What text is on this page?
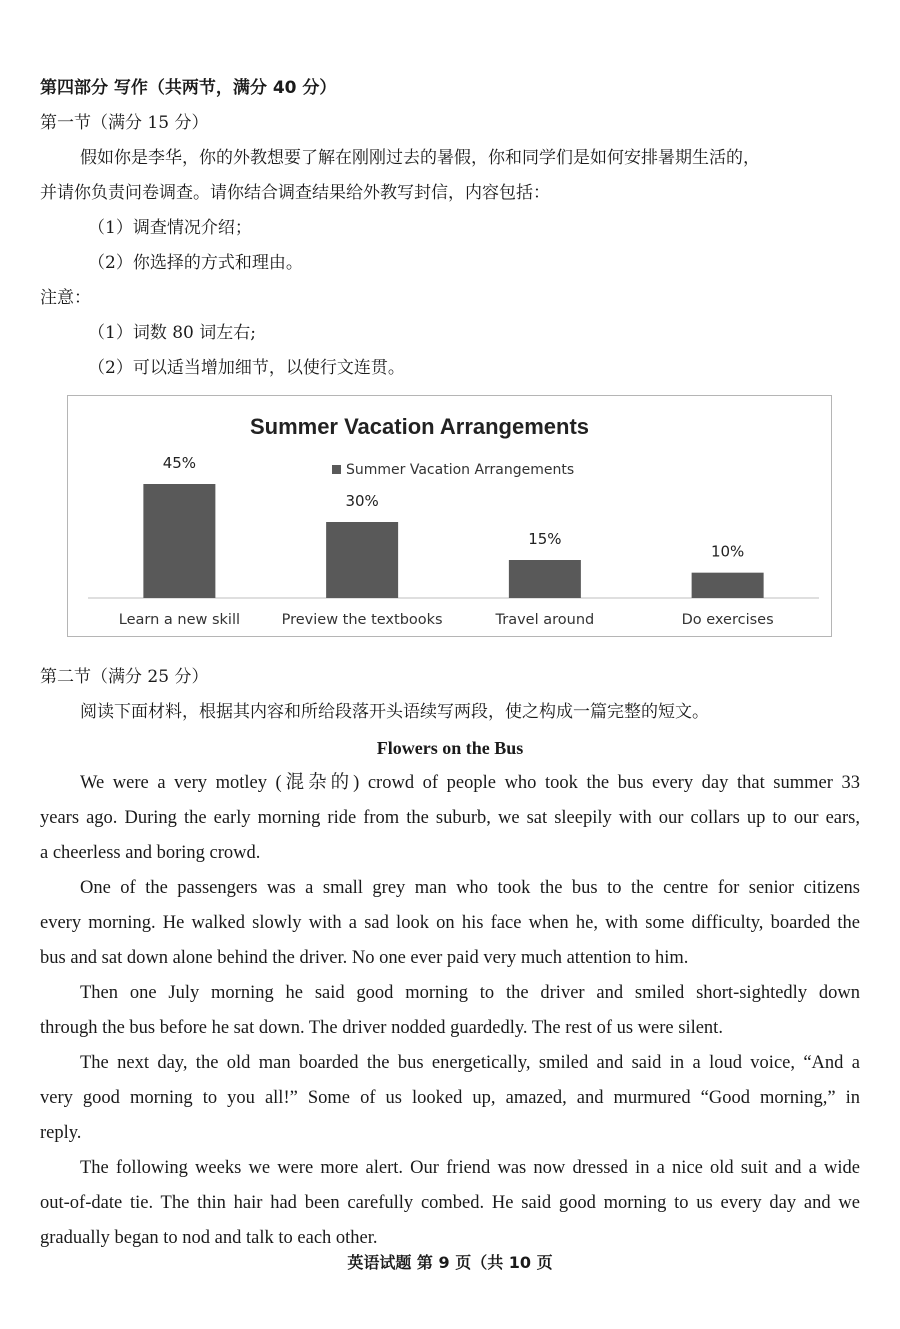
第四部分 写作（共两节，满分 40 分）
第一节（满分 15 分）
假如你是李华，你的外教想要了解在刚刚过去的暑假，你和同学们是如何安排暑期生活的，
并请你负责问卷调查。请你结合调查结果给外教写封信，内容包括：
（1）调查情况介绍；
（2）你选择的方式和理由。
注意：
（1）词数 80 词左右;
（2）可以适当增加细节，以使行文连贯。
Summer Vacation Arrangements
Summer Vacation Arrangements
45%
Learn a new skill
30%
Preview the textbooks
15%
Travel around
10%
Do exercises
第二节（满分 25 分）
阅读下面材料，根据其内容和所给段落开头语续写两段，使之构成一篇完整的短文。
Flowers on the Bus
We were a very motley (混杂的) crowd of people who took the bus every day that summer 33
years ago. During the early morning ride from the suburb, we sat sleepily with our collars up to our ears,
a cheerless and boring crowd.
One of the passengers was a small grey man who took the bus to the centre for senior citizens
every morning. He walked slowly with a sad look on his face when he, with some difficulty, boarded the
bus and sat down alone behind the driver. No one ever paid very much attention to him.
Then one July morning he said good morning to the driver and smiled short-sightedly down
through the bus before he sat down. The driver nodded guardedly. The rest of us were silent.
The next day, the old man boarded the bus energetically, smiled and said in a loud voice, “And a
very good morning to you all!” Some of us looked up, amazed, and murmured “Good morning,” in
reply.
The following weeks we were more alert. Our friend was now dressed in a nice old suit and a wide
out-of-date tie. The thin hair had been carefully combed. He said good morning to us every day and we
gradually began to nod and talk to each other.
英语试题 第 9 页（共 10 页
